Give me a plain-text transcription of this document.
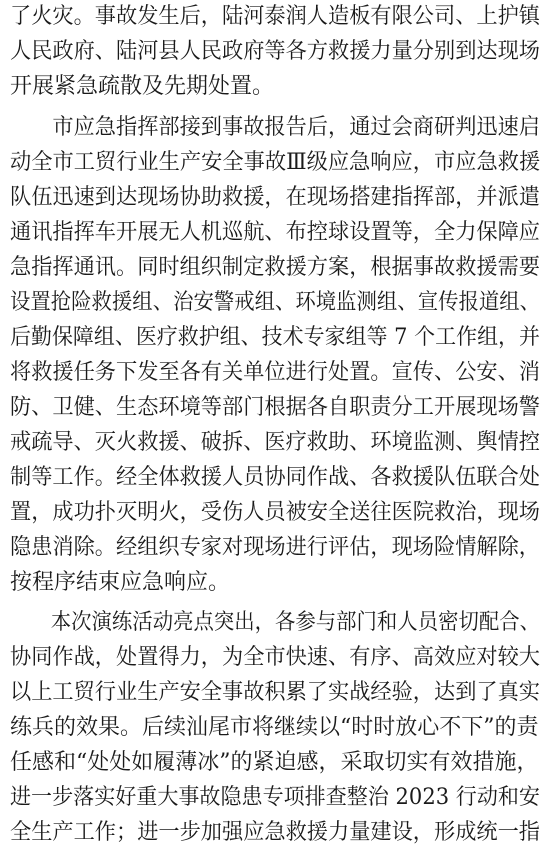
了火灾。事故发生后，陆河泰润人造板有限公司、上护镇
人民政府、陆河县人民政府等各方救援力量分别到达现场
开展紧急疏散及先期处置。
　　市应急指挥部接到事故报告后，通过会商研判迅速启
动全市工贸行业生产安全事故Ⅲ级应急响应，市应急救援
队伍迅速到达现场协助救援，在现场搭建指挥部，并派遣
通讯指挥车开展无人机巡航、布控球设置等，全力保障应
急指挥通讯。同时组织制定救援方案，根据事故救援需要
设置抢险救援组、治安警戒组、环境监测组、宣传报道组、
后勤保障组、医疗救护组、技术专家组等 7 个工作组，并
将救援任务下发至各有关单位进行处置。宣传、公安、消
防、卫健、生态环境等部门根据各自职责分工开展现场警
戒疏导、灭火救援、破拆、医疗救助、环境监测、舆情控
制等工作。经全体救援人员协同作战、各救援队伍联合处
置，成功扑灭明火，受伤人员被安全送往医院救治，现场
隐患消除。经组织专家对现场进行评估，现场险情解除，
按程序结束应急响应。
　　本次演练活动亮点突出，各参与部门和人员密切配合、
协同作战，处置得力，为全市快速、有序、高效应对较大
以上工贸行业生产安全事故积累了实战经验，达到了真实
练兵的效果。后续汕尾市将继续以“时时放心不下”的责
任感和“处处如履薄冰”的紧迫感，采取切实有效措施，
进一步落实好重大事故隐患专项排查整治 2023 行动和安
全生产工作；进一步加强应急救援力量建设，形成统一指
